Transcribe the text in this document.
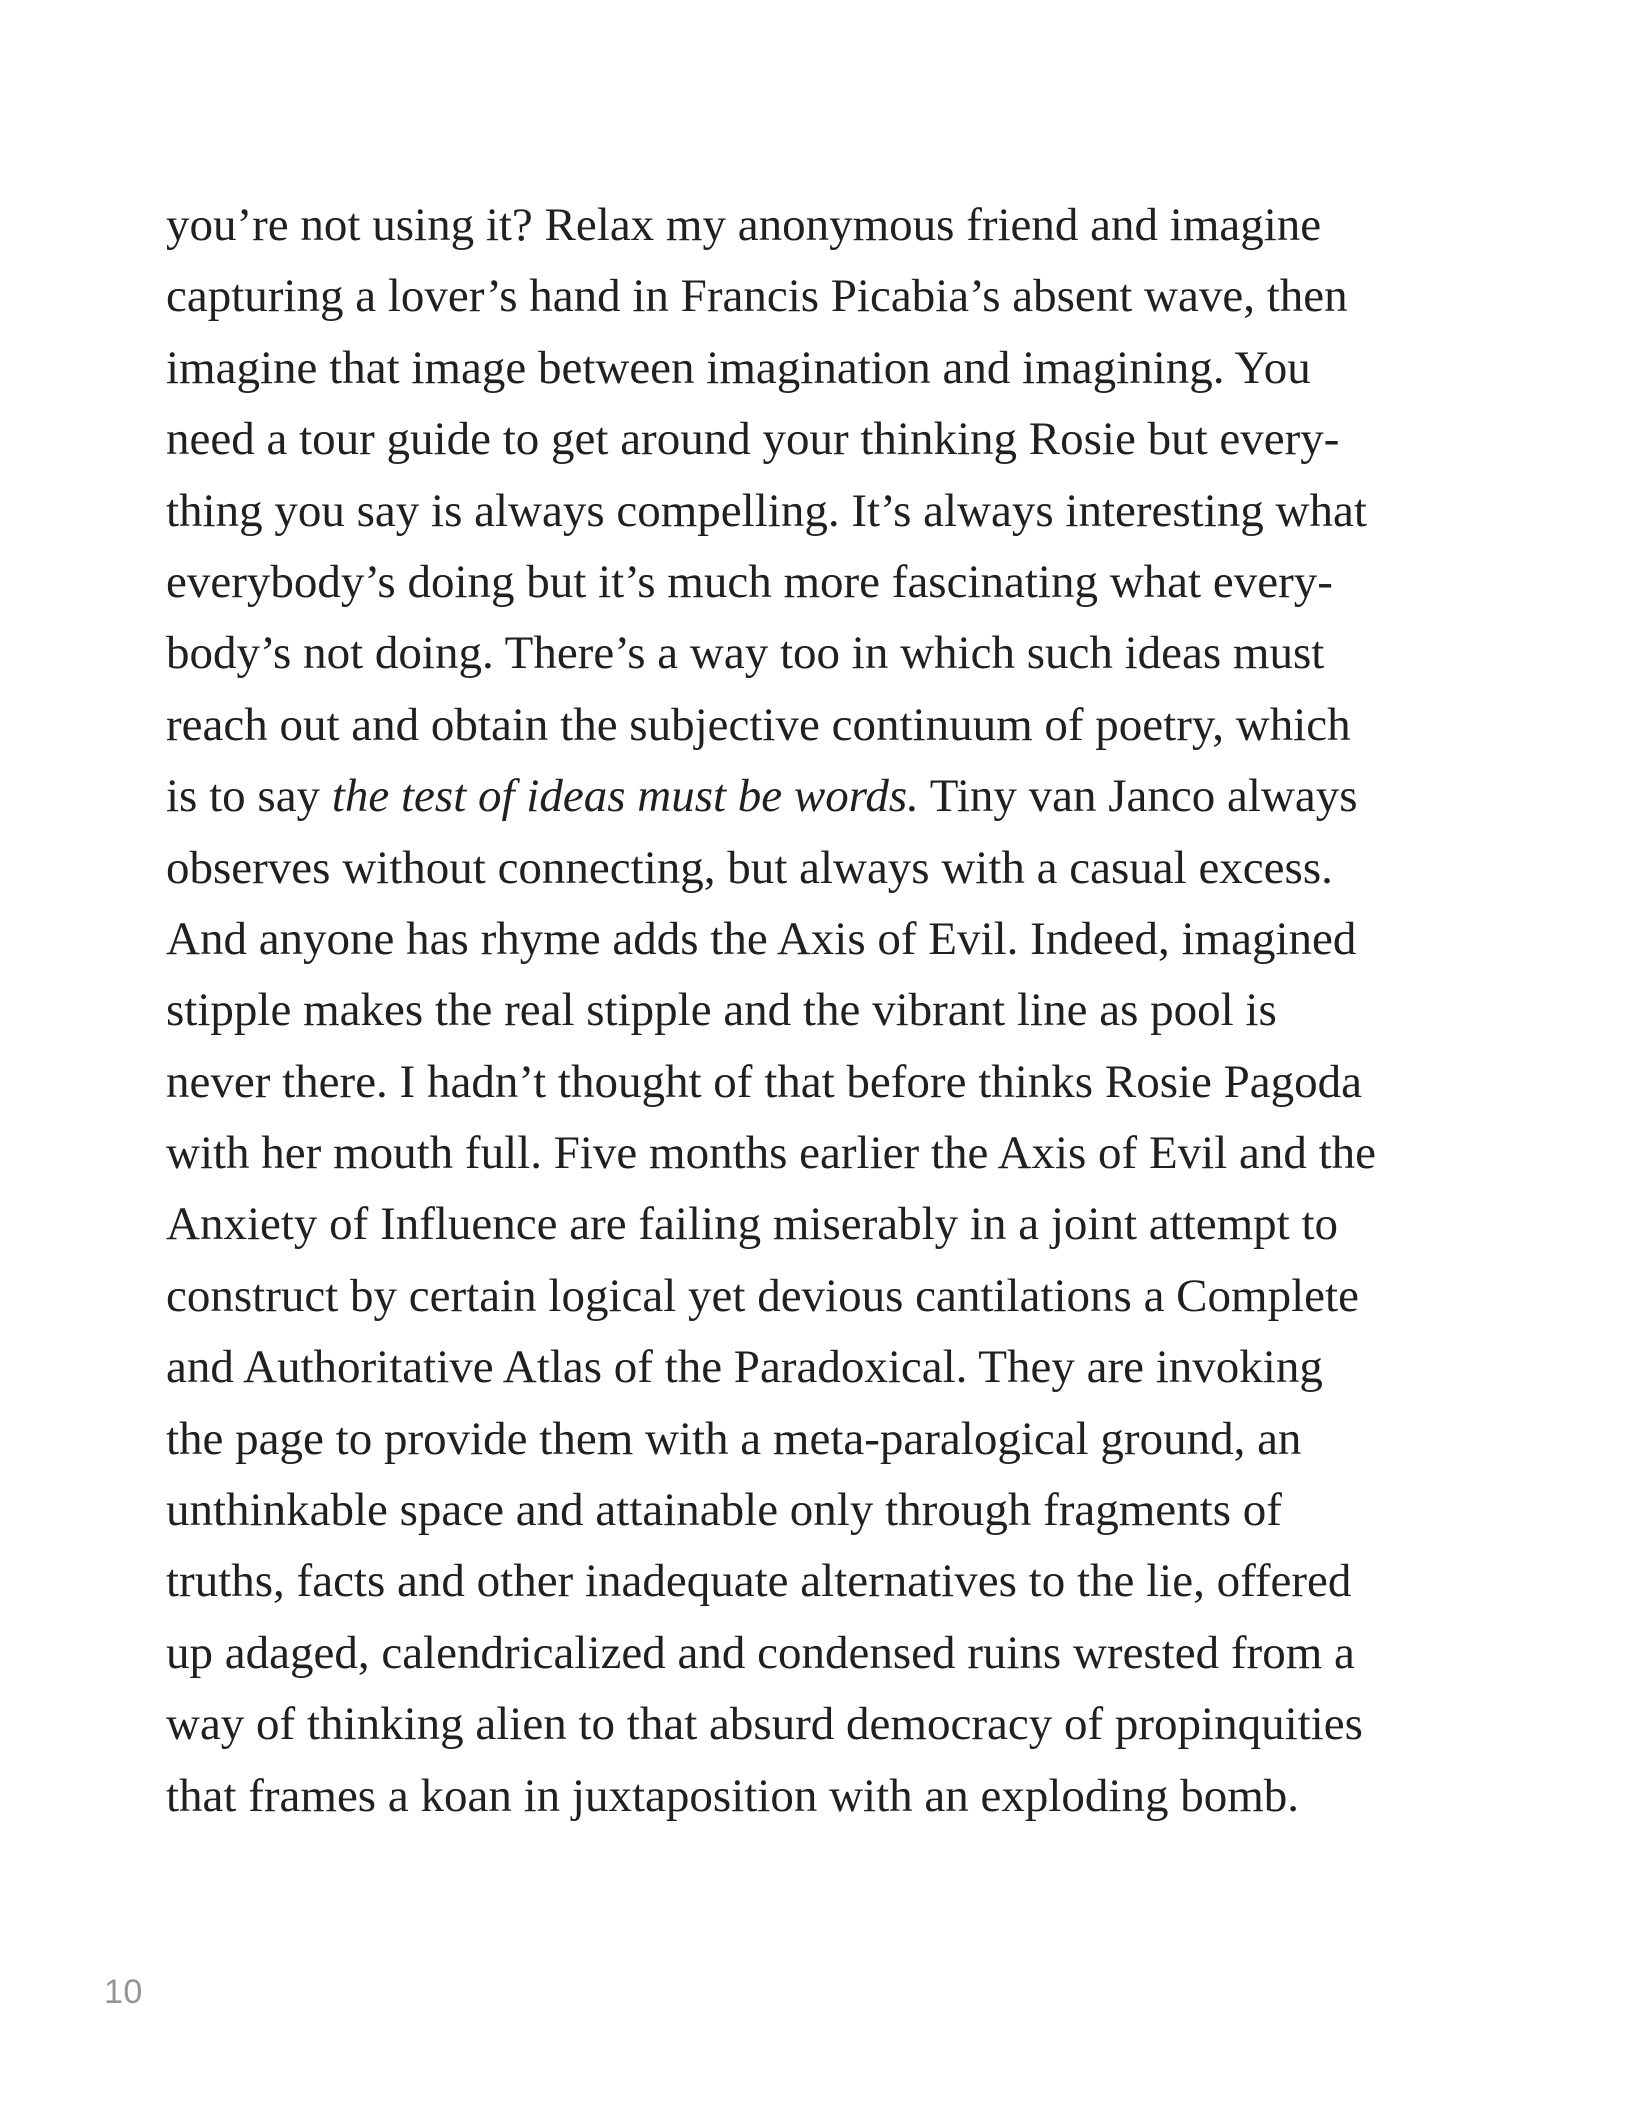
you’re not using it? Relax my anonymous friend and imagine
capturing a lover’s hand in Francis Picabia’s absent wave, then
imagine that image between imagination and imagining. You
need a tour guide to get around your thinking Rosie but every-
thing you say is always compelling. It’s always interesting what
everybody’s doing but it’s much more fascinating what every-
body’s not doing. There’s a way too in which such ideas must
reach out and obtain the subjective continuum of poetry, which
is to say the test of ideas must be words. Tiny van Janco always
observes without connecting, but always with a casual excess.
And anyone has rhyme adds the Axis of Evil. Indeed, imagined
stipple makes the real stipple and the vibrant line as pool is
never there. I hadn’t thought of that before thinks Rosie Pagoda
with her mouth full. Five months earlier the Axis of Evil and the
Anxiety of Influence are failing miserably in a joint attempt to
construct by certain logical yet devious cantilations a Complete
and Authoritative Atlas of the Paradoxical. They are invoking
the page to provide them with a meta-paralogical ground, an
unthinkable space and attainable only through fragments of
truths, facts and other inadequate alternatives to the lie, offered
up adaged, calendricalized and condensed ruins wrested from a
way of thinking alien to that absurd democracy of propinquities
that frames a koan in juxtaposition with an exploding bomb.
10
